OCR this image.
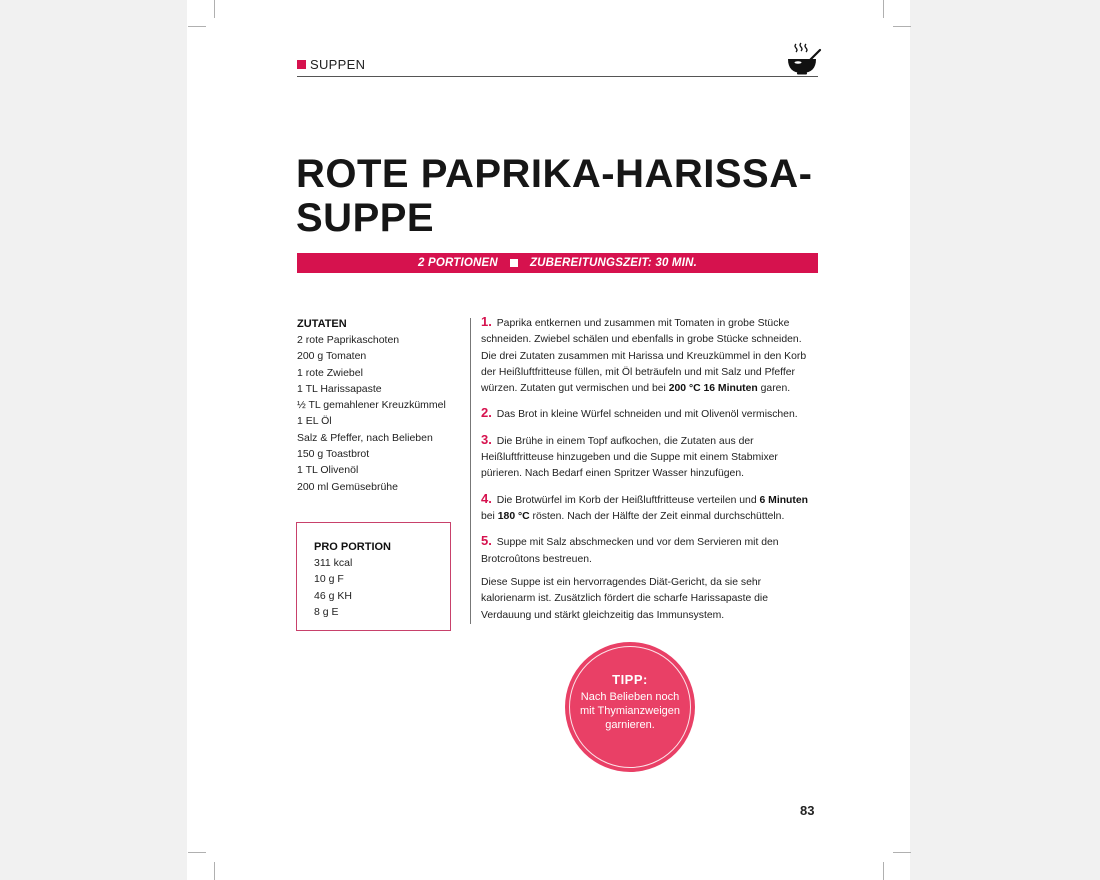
SUPPEN
ROTE PAPRIKA-HARISSA-
SUPPE
2 PORTIONEN	ZUBEREITUNGSZEIT: 30 MIN.
ZUTATEN
2 rote Paprikaschoten
200 g Tomaten
1 rote Zwiebel
1 TL Harissapaste
½ TL gemahlener Kreuzkümmel
1 EL Öl
Salz & Pfeffer, nach Belieben
150 g Toastbrot
1 TL Olivenöl
200 ml Gemüsebrühe
PRO PORTION
311 kcal
10 g F
46 g KH
8 g E

1. Paprika entkernen und zusammen mit Tomaten in grobe Stücke schneiden. Zwiebel schälen und ebenfalls in grobe Stücke schneiden. Die drei Zutaten zusammen mit Harissa und Kreuzkümmel in den Korb der Heißluftfritteuse füllen, mit Öl beträufeln und mit Salz und Pfeffer würzen. Zutaten gut vermischen und bei 200 °C 16 Minuten garen.

2. Das Brot in kleine Würfel schneiden und mit Olivenöl vermischen.

3. Die Brühe in einem Topf aufkochen, die Zutaten aus der Heißluftfritteuse hinzugeben und die Suppe mit einem Stabmixer pürieren. Nach Bedarf einen Spritzer Wasser hinzufügen.

4. Die Brotwürfel im Korb der Heißluftfritteuse verteilen und 6 Minuten bei 180 °C rösten. Nach der Hälfte der Zeit einmal durchschütteln.

5. Suppe mit Salz abschmecken und vor dem Servieren mit den Brotcroûtons bestreuen.

Diese Suppe ist ein hervorragendes Diät-Gericht, da sie sehr kalorienarm ist. Zusätzlich fördert die scharfe Harissapaste die Verdauung und stärkt gleichzeitig das Immunsystem.

TIPP:
Nach Belieben noch mit Thymianzweigen garnieren.
83
